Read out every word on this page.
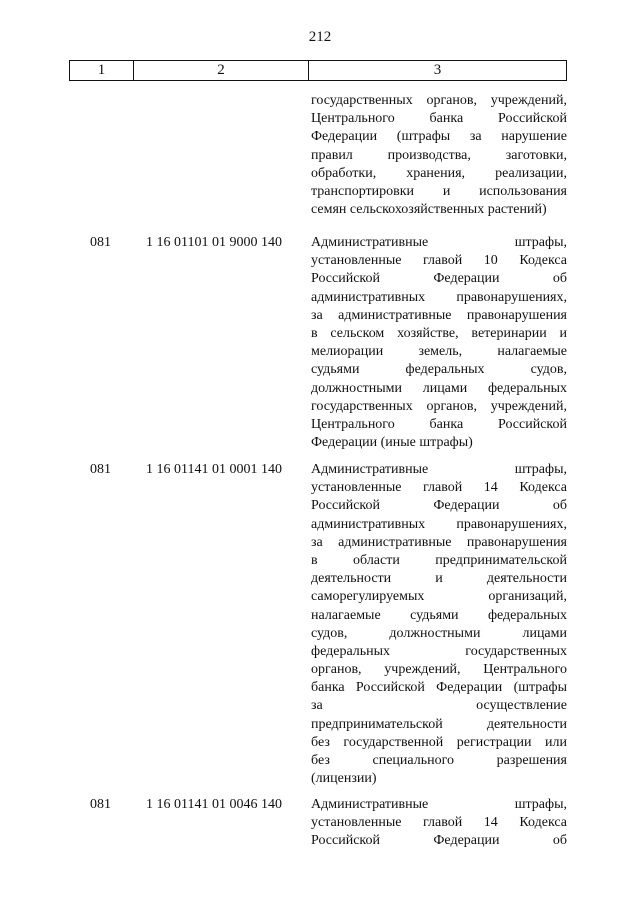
212
1	2	3
государственных органов, учреждений,
Центрального банка Российской
Федерации (штрафы за нарушение
правил производства, заготовки,
обработки, хранения, реализации,
транспортировки и использования
семян сельскохозяйственных растений)
081	1 16 01101 01 9000 140 Административные штрафы,
установленные главой 10 Кодекса
Российской Федерации об
административных правонарушениях,
за административные правонарушения
в сельском хозяйстве, ветеринарии и
мелиорации земель, налагаемые
судьями федеральных судов,
должностными лицами федеральных
государственных органов, учреждений,
Центрального банка Российской
Федерации (иные штрафы)
081	1 16 01141 01 0001 140 Административные штрафы,
установленные главой 14 Кодекса
Российской Федерации об
административных правонарушениях,
за административные правонарушения
в области предпринимательской
деятельности и деятельности
саморегулируемых организаций,
налагаемые судьями федеральных
судов, должностными лицами
федеральных государственных
органов, учреждений, Центрального
банка Российской Федерации (штрафы
за осуществление
предпринимательской деятельности
без государственной регистрации или
без специального разрешения
(лицензии)
081	1 16 01141 01 0046 140 Административные штрафы,
установленные главой 14 Кодекса
Российской Федерации об
